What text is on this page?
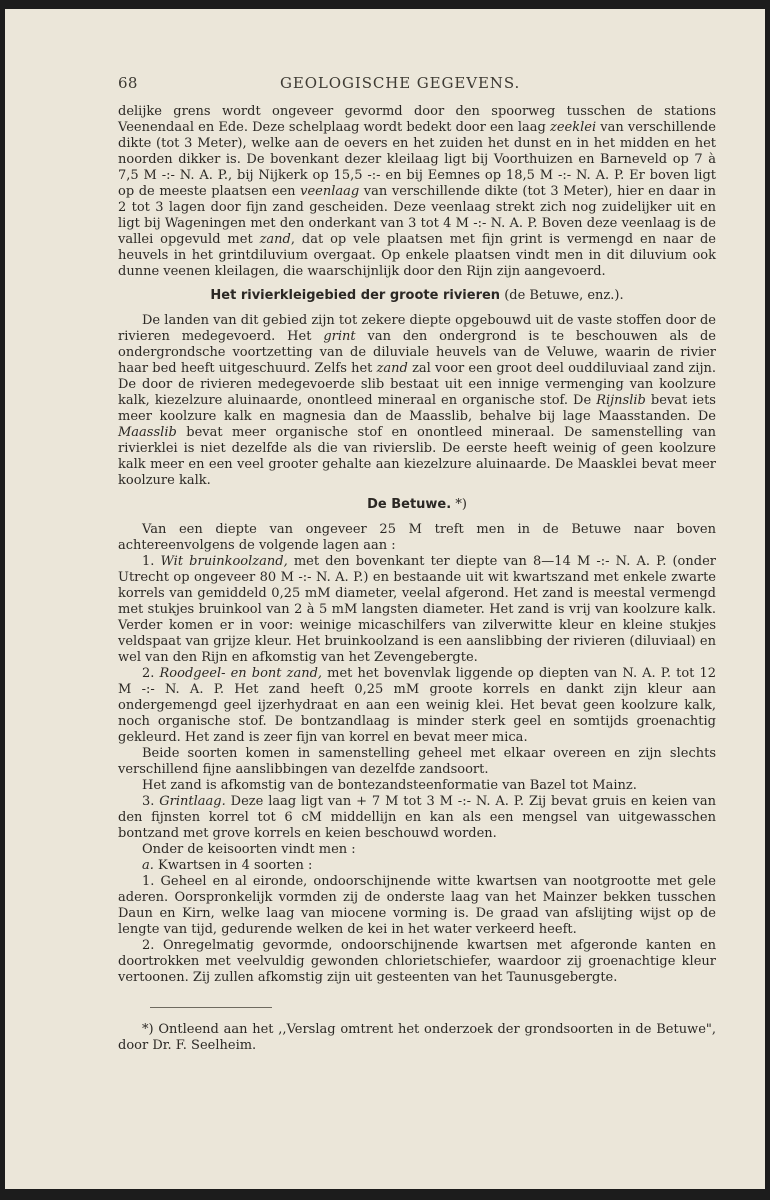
68	GEOLOGISCHE GEGEVENS.

delijke grens wordt ongeveer gevormd door den spoorweg tusschen de stations Veenendaal en Ede. Deze schelplaag wordt bedekt door een laag zeeklei van verschillende dikte (tot 3 Meter), welke aan de oevers en het zuiden het dunst en in het midden en het noorden dikker is. De bovenkant dezer kleilaag ligt bij Voorthuizen en Barneveld op 7 à 7,5 M -:- N. A. P., bij Nijkerk op 15,5 -:- en bij Eemnes op 18,5 M -:- N. A. P. Er boven ligt op de meeste plaatsen een veenlaag van verschillende dikte (tot 3 Meter), hier en daar in 2 tot 3 lagen door fijn zand gescheiden. Deze veenlaag strekt zich nog zuidelijker uit en ligt bij Wageningen met den onderkant van 3 tot 4 M -:- N. A. P. Boven deze veenlaag is de vallei opgevuld met zand, dat op vele plaatsen met fijn grint is vermengd en naar de heuvels in het grintdiluvium overgaat. Op enkele plaatsen vindt men in dit diluvium ook dunne veenen kleilagen, die waarschijnlijk door den Rijn zijn aangevoerd.

Het rivierkleigebied der groote rivieren (de Betuwe, enz.).

De landen van dit gebied zijn tot zekere diepte opgebouwd uit de vaste stoffen door de rivieren medegevoerd. Het grint van den ondergrond is te beschouwen als de ondergrondsche voortzetting van de diluviale heuvels van de Veluwe, waarin de rivier haar bed heeft uitgeschuurd. Zelfs het zand zal voor een groot deel ouddiluviaal zand zijn. De door de rivieren medegevoerde slib bestaat uit een innige vermenging van koolzure kalk, kiezelzure aluinaarde, onontleed mineraal en organische stof. De Rijnslib bevat iets meer koolzure kalk en magnesia dan de Maasslib, behalve bij lage Maasstanden. De Maasslib bevat meer organische stof en onontleed mineraal. De samenstelling van rivierklei is niet dezelfde als die van rivierslib. De eerste heeft weinig of geen koolzure kalk meer en een veel grooter gehalte aan kiezelzure aluinaarde. De Maasklei bevat meer koolzure kalk.

De Betuwe. *)

Van een diepte van ongeveer 25 M treft men in de Betuwe naar boven achtereenvolgens de volgende lagen aan :

1. Wit bruinkoolzand, met den bovenkant ter diepte van 8—14 M -:- N. A. P. (onder Utrecht op ongeveer 80 M -:- N. A. P.) en bestaande uit wit kwartszand met enkele zwarte korrels van gemiddeld 0,25 mM diameter, veelal afgerond. Het zand is meestal vermengd met stukjes bruinkool van 2 à 5 mM langsten diameter. Het zand is vrij van koolzure kalk. Verder komen er in voor: weinige micaschilfers van zilverwitte kleur en kleine stukjes veldspaat van grijze kleur. Het bruinkoolzand is een aanslibbing der rivieren (diluviaal) en wel van den Rijn en afkomstig van het Zevengebergte.

2. Roodgeel- en bont zand, met het bovenvlak liggende op diepten van N. A. P. tot 12 M -:- N. A. P. Het zand heeft 0,25 mM groote korrels en dankt zijn kleur aan ondergemengd geel ijzerhydraat en aan een weinig klei. Het bevat geen koolzure kalk, noch organische stof. De bontzandlaag is minder sterk geel en somtijds groenachtig gekleurd. Het zand is zeer fijn van korrel en bevat meer mica.

Beide soorten komen in samenstelling geheel met elkaar overeen en zijn slechts verschillend fijne aanslibbingen van dezelfde zandsoort.

Het zand is afkomstig van de bontezandsteenformatie van Bazel tot Mainz.

3. Grintlaag. Deze laag ligt van + 7 M tot 3 M -:- N. A. P. Zij bevat gruis en keien van den fijnsten korrel tot 6 cM middellijn en kan als een mengsel van uitgewasschen bontzand met grove korrels en keien beschouwd worden.

Onder de keisoorten vindt men :

a. Kwartsen in 4 soorten :

1. Geheel en al eironde, ondoorschijnende witte kwartsen van nootgrootte met gele aderen. Oorspronkelijk vormden zij de onderste laag van het Mainzer bekken tusschen Daun en Kirn, welke laag van miocene vorming is. De graad van afslijting wijst op de lengte van tijd, gedurende welken de kei in het water verkeerd heeft.

2. Onregelmatig gevormde, ondoorschijnende kwartsen met afgeronde kanten en doortrokken met veelvuldig gewonden chlorietschiefer, waardoor zij groenachtige kleur vertoonen. Zij zullen afkomstig zijn uit gesteenten van het Taunusgebergte.

*) Ontleend aan het ,,Verslag omtrent het onderzoek der grondsoorten in de Betuwe", door Dr. F. Seelheim.
